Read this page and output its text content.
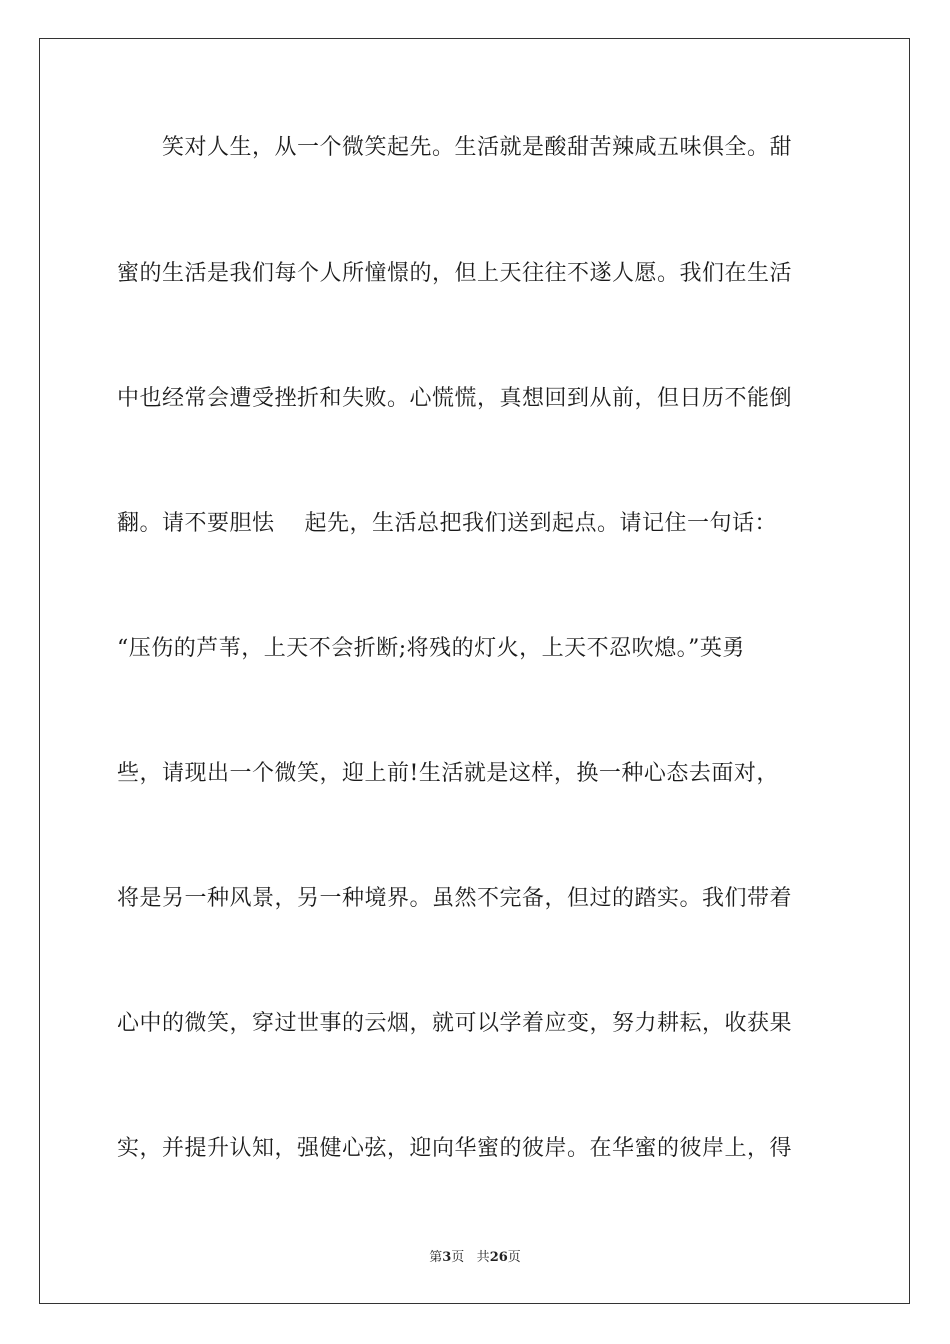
　　笑对人生，从一个微笑起先。生活就是酸甜苦辣咸五味俱全。甜
蜜的生活是我们每个人所憧憬的，但上天往往不遂人愿。我们在生活
中也经常会遭受挫折和失败。心慌慌，真想回到从前，但日历不能倒
翻。请不要胆怯　 起先，生活总把我们送到起点。请记住一句话：
“压伤的芦苇，上天不会折断;将残的灯火，上天不忍吹熄。”英勇
些，请现出一个微笑，迎上前!生活就是这样，换一种心态去面对，
将是另一种风景，另一种境界。虽然不完备，但过的踏实。我们带着
心中的微笑，穿过世事的云烟，就可以学着应变，努力耕耘，收获果
实，并提升认知，强健心弦，迎向华蜜的彼岸。在华蜜的彼岸上，得
第3页 共26页
